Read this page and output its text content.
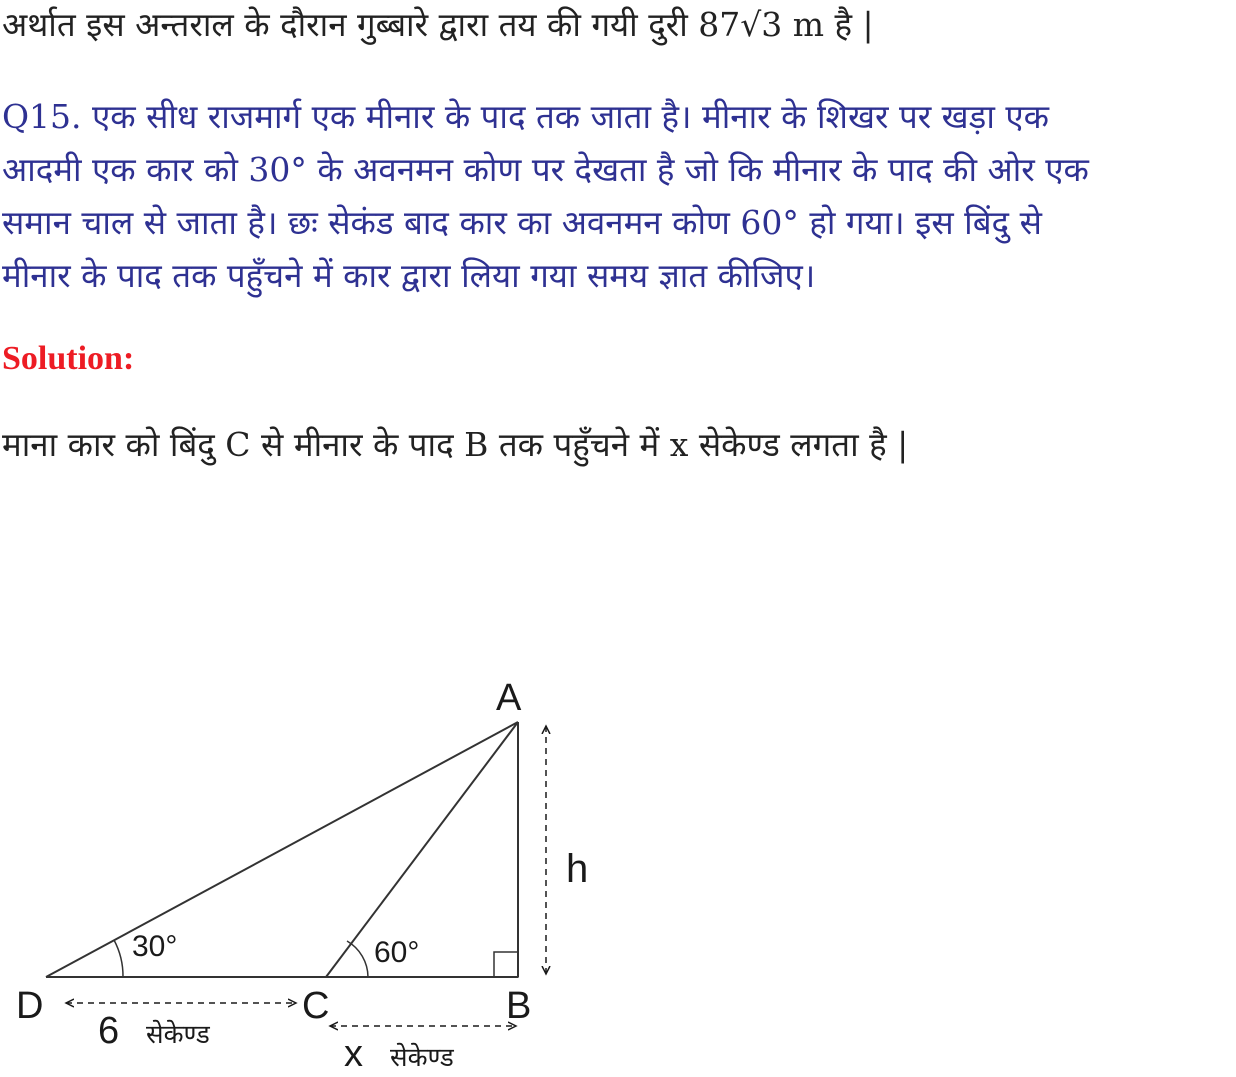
अर्थात इस अन्तराल के दौरान गुब्बारे द्वारा तय की गयी दुरी 87√3 m है |

Q15. एक सीध राजमार्ग एक मीनार के पाद तक जाता है। मीनार के शिखर पर खड़ा एक
आदमी एक कार को 30° के अवनमन कोण पर देखता है जो कि मीनार के पाद की ओर एक
समान चाल से जाता है। छः सेकंड बाद कार का अवनमन कोण 60° हो गया। इस बिंदु से
मीनार के पाद तक पहुँचने में कार द्वारा लिया गया समय ज्ञात कीजिए।

Solution:

माना कार को बिंदु C से मीनार के पाद B तक पहुँचने में x सेकेण्ड लगता है |

A
D	C	B
h
30°	60°
6 सेकेण्ड	x सेकेण्ड
